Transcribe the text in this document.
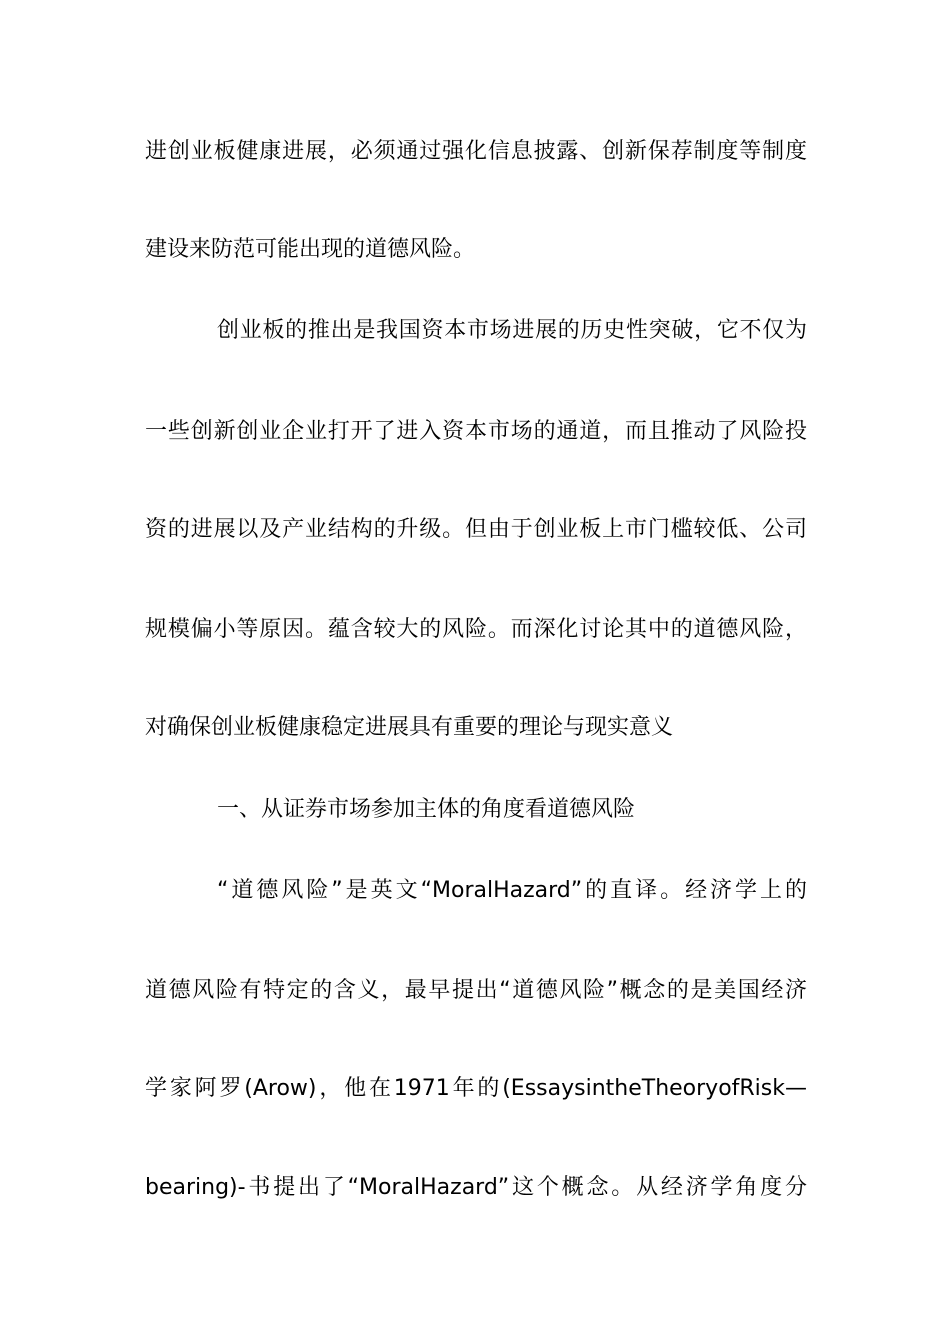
进创业板健康进展，必须通过强化信息披露、创新保荐制度等制度
建设来防范可能出现的道德风险。
创业板的推出是我国资本市场进展的历史性突破，它不仅为
一些创新创业企业打开了进入资本市场的通道，而且推动了风险投
资的进展以及产业结构的升级。但由于创业板上市门槛较低、公司
规模偏小等原因。蕴含较大的风险。而深化讨论其中的道德风险，
对确保创业板健康稳定进展具有重要的理论与现实意义
一、从证券市场参加主体的角度看道德风险
“道德风险”是英文“MoralHazard”的直译。经济学上的
道德风险有特定的含义，最早提出“道德风险”概念的是美国经济
学家阿罗(Arow)，他在1971年的(EssaysintheTheoryofRisk—
bearing)-书提出了“MoralHazard”这个概念。从经济学角度分
